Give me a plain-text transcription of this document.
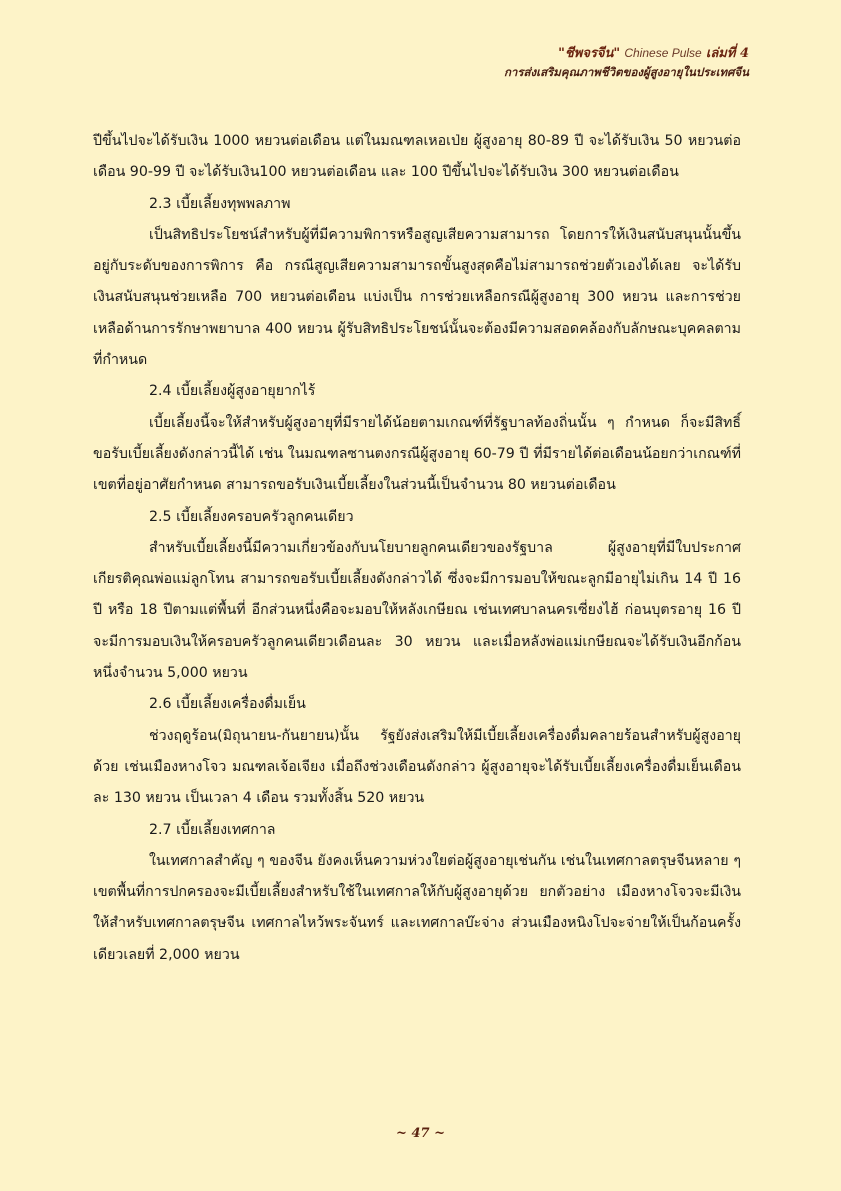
"ชีพจรจีน" Chinese Pulse เล่มที่ 4
การส่งเสริมคุณภาพชีวิตของผู้สูงอายุในประเทศจีน

ปีขึ้นไปจะได้รับเงิน 1000 หยวนต่อเดือน แต่ในมณฑลเหอเป่ย ผู้สูงอายุ 80-89 ปี จะได้รับเงิน 50 หยวนต่อเดือน 90-99 ปี จะได้รับเงิน100 หยวนต่อเดือน และ 100 ปีขึ้นไปจะได้รับเงิน 300 หยวนต่อเดือน

2.3 เบี้ยเลี้ยงทุพพลภาพ

เป็นสิทธิประโยชน์สำหรับผู้ที่มีความพิการหรือสูญเสียความสามารถ โดยการให้เงินสนับสนุนนั้นขึ้นอยู่กับระดับของการพิการ คือ กรณีสูญเสียความสามารถขั้นสูงสุดคือไม่สามารถช่วยตัวเองได้เลย จะได้รับเงินสนับสนุนช่วยเหลือ 700 หยวนต่อเดือน แบ่งเป็น การช่วยเหลือกรณีผู้สูงอายุ 300 หยวน และการช่วยเหลือด้านการรักษาพยาบาล 400 หยวน ผู้รับสิทธิประโยชน์นั้นจะต้องมีความสอดคล้องกับลักษณะบุคคลตามที่กำหนด

2.4 เบี้ยเลี้ยงผู้สูงอายุยากไร้

เบี้ยเลี้ยงนี้จะให้สำหรับผู้สูงอายุที่มีรายได้น้อยตามเกณฑ์ที่รัฐบาลท้องถิ่นนั้น ๆ กำหนด ก็จะมีสิทธิ์ขอรับเบี้ยเลี้ยงดังกล่าวนี้ได้ เช่น ในมณฑลซานตงกรณีผู้สูงอายุ 60-79 ปี ที่มีรายได้ต่อเดือนน้อยกว่าเกณฑ์ที่เขตที่อยู่อาศัยกำหนด สามารถขอรับเงินเบี้ยเลี้ยงในส่วนนี้เป็นจำนวน 80 หยวนต่อเดือน

2.5 เบี้ยเลี้ยงครอบครัวลูกคนเดียว

สำหรับเบี้ยเลี้ยงนี้มีความเกี่ยวข้องกับนโยบายลูกคนเดียวของรัฐบาล ผู้สูงอายุที่มีใบประกาศเกียรติคุณพ่อแม่ลูกโทน สามารถขอรับเบี้ยเลี้ยงดังกล่าวได้ ซึ่งจะมีการมอบให้ขณะลูกมีอายุไม่เกิน 14 ปี 16 ปี หรือ 18 ปีตามแต่พื้นที่ อีกส่วนหนึ่งคือจะมอบให้หลังเกษียณ เช่นเทศบาลนครเซี่ยงไฮ้ ก่อนบุตรอายุ 16 ปี จะมีการมอบเงินให้ครอบครัวลูกคนเดียวเดือนละ 30 หยวน และเมื่อหลังพ่อแม่เกษียณจะได้รับเงินอีกก้อนหนึ่งจำนวน 5,000 หยวน

2.6 เบี้ยเลี้ยงเครื่องดื่มเย็น

ช่วงฤดูร้อน(มิถุนายน-กันยายน)นั้น รัฐยังส่งเสริมให้มีเบี้ยเลี้ยงเครื่องดื่มคลายร้อนสำหรับผู้สูงอายุด้วย เช่นเมืองหางโจว มณฑลเจ้อเจียง เมื่อถึงช่วงเดือนดังกล่าว ผู้สูงอายุจะได้รับเบี้ยเลี้ยงเครื่องดื่มเย็นเดือนละ 130 หยวน เป็นเวลา 4 เดือน รวมทั้งสิ้น 520 หยวน

2.7 เบี้ยเลี้ยงเทศกาล

ในเทศกาลสำคัญ ๆ ของจีน ยังคงเห็นความห่วงใยต่อผู้สูงอายุเช่นกัน เช่นในเทศกาลตรุษจีนหลาย ๆ เขตพื้นที่การปกครองจะมีเบี้ยเลี้ยงสำหรับใช้ในเทศกาลให้กับผู้สูงอายุด้วย ยกตัวอย่าง เมืองหางโจวจะมีเงินให้สำหรับเทศกาลตรุษจีน เทศกาลไหว้พระจันทร์ และเทศกาลบ๊ะจ่าง ส่วนเมืองหนิงโปจะจ่ายให้เป็นก้อนครั้งเดียวเลยที่ 2,000 หยวน

~ 47 ~
